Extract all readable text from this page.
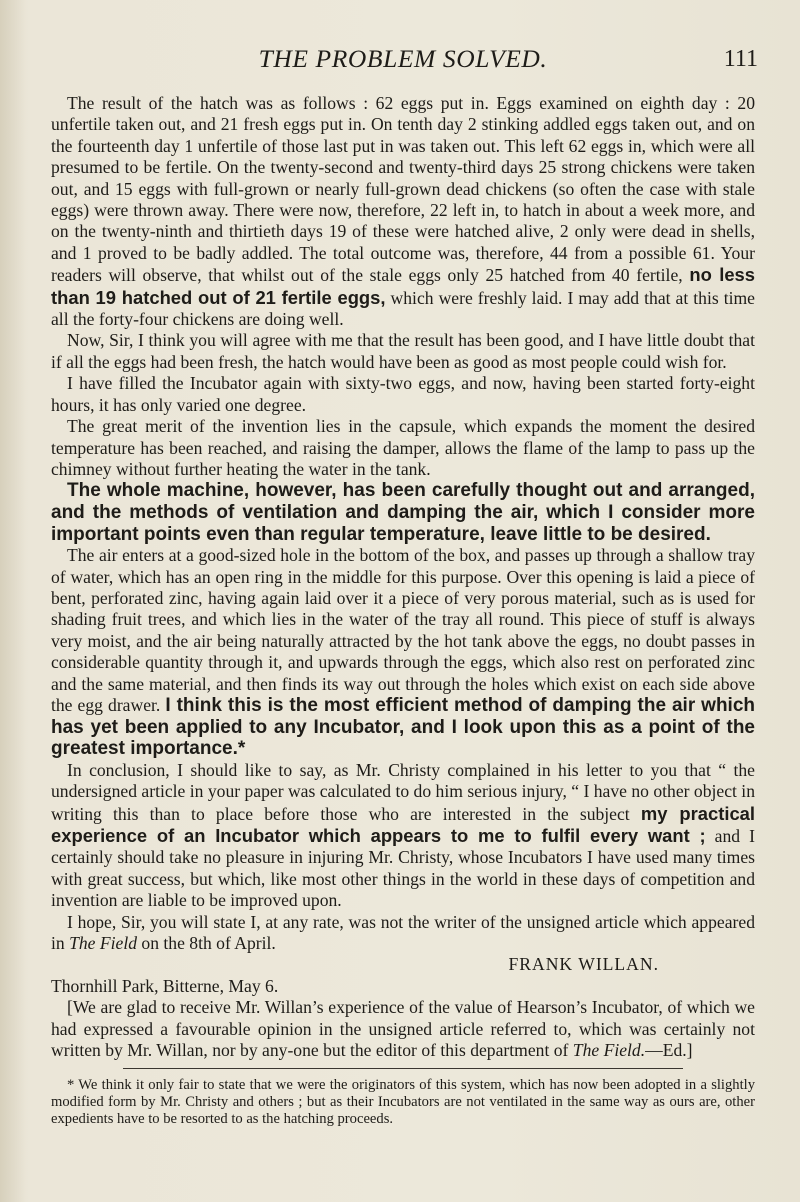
THE PROBLEM SOLVED.	111

The result of the hatch was as follows : 62 eggs put in. Eggs examined on eighth day : 20 unfertile taken out, and 21 fresh eggs put in. On tenth day 2 stinking addled eggs taken out, and on the fourteenth day 1 unfertile of those last put in was taken out. This left 62 eggs in, which were all presumed to be fertile. On the twenty-second and twenty-third days 25 strong chickens were taken out, and 15 eggs with full-grown or nearly full-grown dead chickens (so often the case with stale eggs) were thrown away. There were now, therefore, 22 left in, to hatch in about a week more, and on the twenty-ninth and thirtieth days 19 of these were hatched alive, 2 only were dead in shells, and 1 proved to be badly addled. The total outcome was, therefore, 44 from a possible 61. Your readers will observe, that whilst out of the stale eggs only 25 hatched from 40 fertile, no less than 19 hatched out of 21 fertile eggs, which were freshly laid. I may add that at this time all the forty-four chickens are doing well.

Now, Sir, I think you will agree with me that the result has been good, and I have little doubt that if all the eggs had been fresh, the hatch would have been as good as most people could wish for.

I have filled the Incubator again with sixty-two eggs, and now, having been started forty-eight hours, it has only varied one degree.

The great merit of the invention lies in the capsule, which expands the moment the desired temperature has been reached, and raising the damper, allows the flame of the lamp to pass up the chimney without further heating the water in the tank.

The whole machine, however, has been carefully thought out and arranged, and the methods of ventilation and damping the air, which I consider more important points even than regular temperature, leave little to be desired.

The air enters at a good-sized hole in the bottom of the box, and passes up through a shallow tray of water, which has an open ring in the middle for this purpose. Over this opening is laid a piece of bent, perforated zinc, having again laid over it a piece of very porous material, such as is used for shading fruit trees, and which lies in the water of the tray all round. This piece of stuff is always very moist, and the air being naturally attracted by the hot tank above the eggs, no doubt passes in considerable quantity through it, and upwards through the eggs, which also rest on perforated zinc and the same material, and then finds its way out through the holes which exist on each side above the egg drawer. I think this is the most efficient method of damping the air which has yet been applied to any Incubator, and I look upon this as a point of the greatest importance.*

In conclusion, I should like to say, as Mr. Christy complained in his letter to you that “ the undersigned article in your paper was calculated to do him serious injury, “ I have no other object in writing this than to place before those who are interested in the subject my practical experience of an Incubator which appears to me to fulfil every want ; and I certainly should take no pleasure in injuring Mr. Christy, whose Incubators I have used many times with great success, but which, like most other things in the world in these days of competition and invention are liable to be improved upon.

I hope, Sir, you will state I, at any rate, was not the writer of the unsigned article which appeared in The Field on the 8th of April.

FRANK WILLAN.

Thornhill Park, Bitterne, May 6.

[We are glad to receive Mr. Willan’s experience of the value of Hearson’s Incubator, of which we had expressed a favourable opinion in the unsigned article referred to, which was certainly not written by Mr. Willan, nor by any-one but the editor of this department of The Field.—Ed.]

* We think it only fair to state that we were the originators of this system, which has now been adopted in a slightly modified form by Mr. Christy and others ; but as their Incubators are not ventilated in the same way as ours are, other expedients have to be resorted to as the hatching proceeds.
